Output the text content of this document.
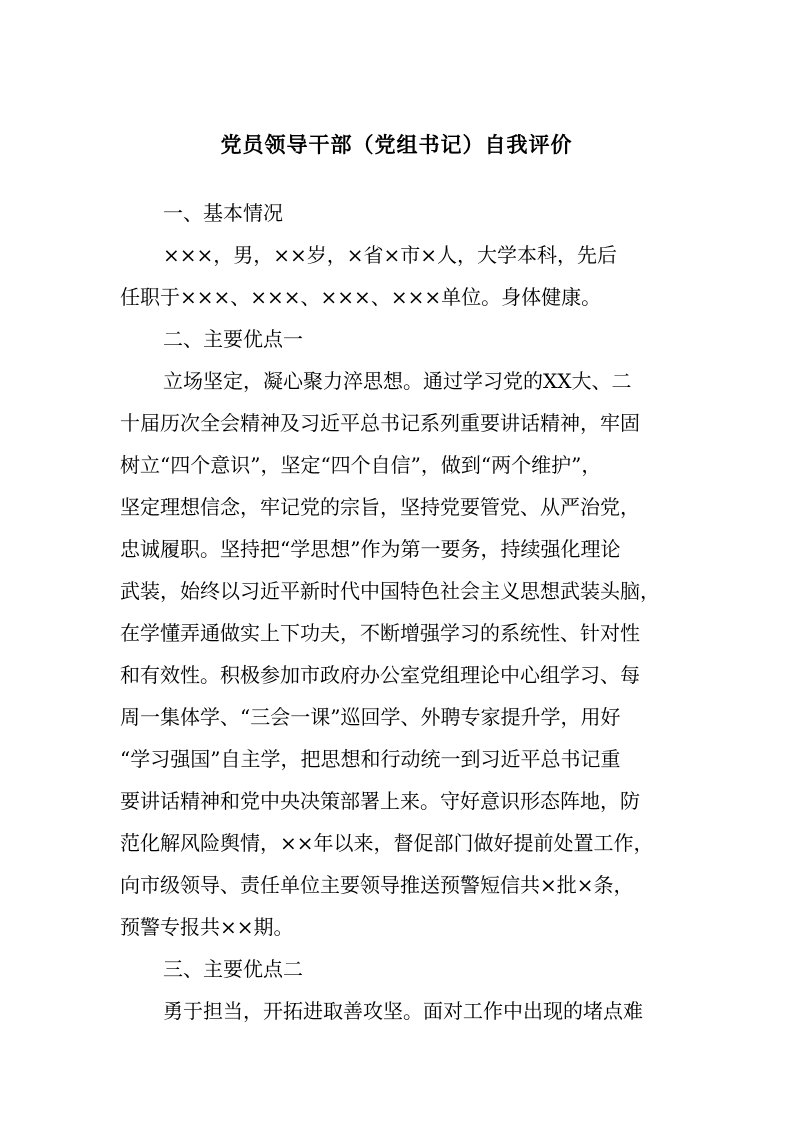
党员领导干部（党组书记）自我评价
一、基本情况
×××，男，××岁，×省×市×人，大学本科，先后
任职于×××、×××、×××、×××单位。身体健康。
二、主要优点一
立场坚定，凝心聚力淬思想。通过学习党的XX大、二
十届历次全会精神及习近平总书记系列重要讲话精神，牢固
树立“四个意识”，坚定“四个自信”，做到“两个维护”，
坚定理想信念，牢记党的宗旨，坚持党要管党、从严治党，
忠诚履职。坚持把“学思想”作为第一要务，持续强化理论
武装，始终以习近平新时代中国特色社会主义思想武装头脑，
在学懂弄通做实上下功夫，不断增强学习的系统性、针对性
和有效性。积极参加市政府办公室党组理论中心组学习、每
周一集体学、“三会一课”巡回学、外聘专家提升学，用好
“学习强国”自主学，把思想和行动统一到习近平总书记重
要讲话精神和党中央决策部署上来。守好意识形态阵地，防
范化解风险舆情，××年以来，督促部门做好提前处置工作，
向市级领导、责任单位主要领导推送预警短信共×批×条，
预警专报共××期。
三、主要优点二
勇于担当，开拓进取善攻坚。面对工作中出现的堵点难
